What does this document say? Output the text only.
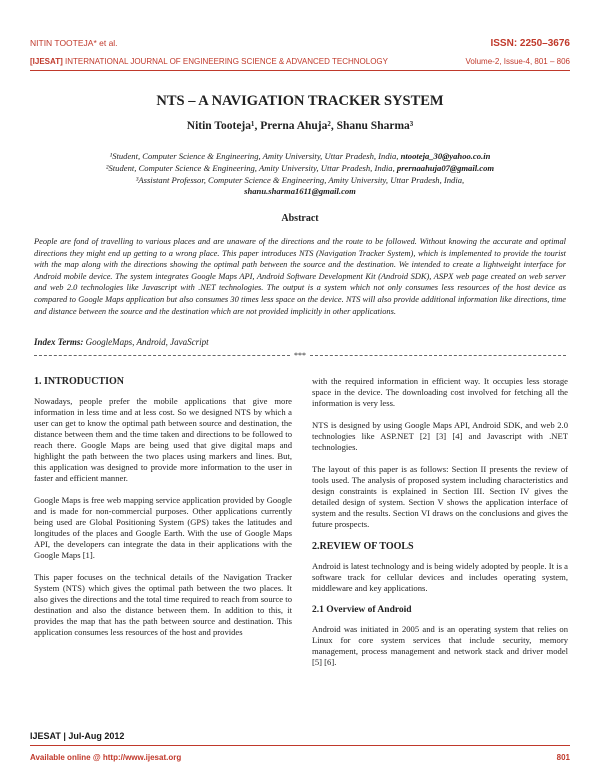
NITIN TOOTEJA* et al.	ISSN: 2250–3676
[IJESAT] INTERNATIONAL JOURNAL OF ENGINEERING SCIENCE & ADVANCED TECHNOLOGY	Volume-2, Issue-4, 801 – 806
NTS – A NAVIGATION TRACKER SYSTEM
Nitin Tooteja¹, Prerna Ahuja², Shanu Sharma³
¹Student, Computer Science & Engineering, Amity University, Uttar Pradesh, India, ntooteja_30@yahoo.co.in
²Student, Computer Science & Engineering, Amity University, Uttar Pradesh, India, prernaahuja07@gmail.com
³Assistant Professor, Computer Science & Engineering, Amity University, Uttar Pradesh, India,
shanu.sharma1611@gmail.com
Abstract
People are fond of travelling to various places and are unaware of the directions and the route to be followed. Without knowing the accurate and optimal directions they might end up getting to a wrong place. This paper introduces NTS (Navigation Tracker System), which is implemented to provide the tourist with the map along with the directions showing the optimal path between the source and the destination. We intended to create a lightweight interface for Android mobile device. The system integrates Google Maps API, Android Software Development Kit (Android SDK), ASPX web page created on web server and web 2.0 technologies like Javascript with .NET technologies. The output is a system which not only consumes less resources of the host device as compared to Google Maps application but also consumes 30 times less space on the device. NTS will also provide additional information like directions, time and distance between the source and the destination which are not provided implicitly in other applications.
Index Terms: GoogleMaps, Android, JavaScript
***
1. INTRODUCTION

Nowadays, people prefer the mobile applications that give more information in less time and at less cost. So we designed NTS by which a user can get to know the optimal path between source and destination, the distance between them and the time taken and directions to be followed to reach there. Google Maps are being used that give digital maps and highlight the path between the two places using markers and lines. But, this application was designed to provide more information to the user in faster and efficient manner.

Google Maps is free web mapping service application provided by Google and is made for non-commercial purposes. Other applications currently being used are Global Positioning System (GPS) takes the latitudes and longitudes of the places and Google Earth. With the use of Google Maps API, the developers can integrate the data in their applications with the Google Maps [1].

This paper focuses on the technical details of the Navigation Tracker System (NTS) which gives the optimal path between the two places. It also gives the directions and the total time required to reach from source to destination and also the distance between them. In addition to this, it provides the map that has the path between source and destination. This application consumes less resources of the host and provides

with the required information in efficient way. It occupies less storage space in the device. The downloading cost involved for fetching all the information is very less.

NTS is designed by using Google Maps API, Android SDK, and web 2.0 technologies like ASP.NET [2] [3] [4] and Javascript with .NET technologies.

The layout of this paper is as follows: Section II presents the review of tools used. The analysis of proposed system including characteristics and design constraints is explained in Section III. Section IV gives the detailed design of system. Section V shows the application interface of system and the results. Section VI draws on the conclusions and gives the future prospects.

2.REVIEW OF TOOLS

Android is latest technology and is being widely adopted by people. It is a software track for cellular devices and includes operating system, middleware and key applications.

2.1 Overview of Android

Android was initiated in 2005 and is an operating system that relies on Linux for core system services that include security, memory management, process management and network stack and driver model [5] [6].

IJESAT | Jul-Aug 2012
Available online @ http://www.ijesat.org	801
